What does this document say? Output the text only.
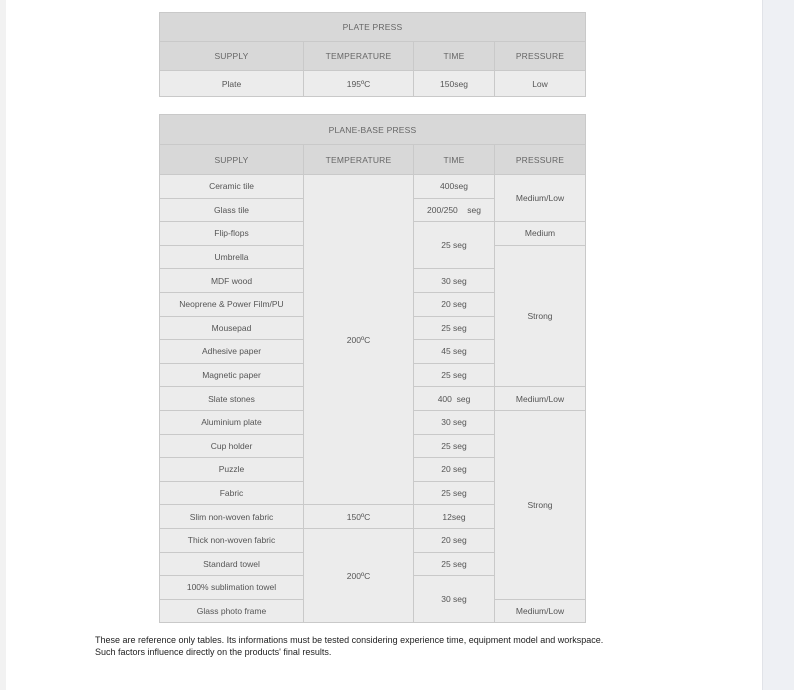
PLATE PRESS			
SUPPLY	TEMPERATURE	TIME	PRESSURE
Plate	195ºC	150seg	Low
PLANE-BASE PRESS			
SUPPLY	TEMPERATURE	TIME	PRESSURE
Ceramic tile	200ºC	400seg	Medium/Low
Glass tile		200/250    seg	
Flip-flops		25 seg	Medium
Umbrella			Strong
MDF wood		30 seg	
Neoprene & Power Film/PU		20 seg	
Mousepad		25 seg	
Adhesive paper		45 seg	
Magnetic paper		25 seg	
Slate stones		400  seg	Medium/Low
Aluminium plate		30 seg	Strong
Cup holder		25 seg	
Puzzle		20 seg	
Fabric		25 seg	
Slim non-woven fabric	150ºC	12seg	
Thick non-woven fabric	200ºC	20 seg	
Standard towel		25 seg	
100% sublimation towel		30 seg	
Glass photo frame			Medium/Low
These are reference only tables. Its informations must be tested considering experience time, equipment model and workspace.
Such factors influence directly on the products' final results.
